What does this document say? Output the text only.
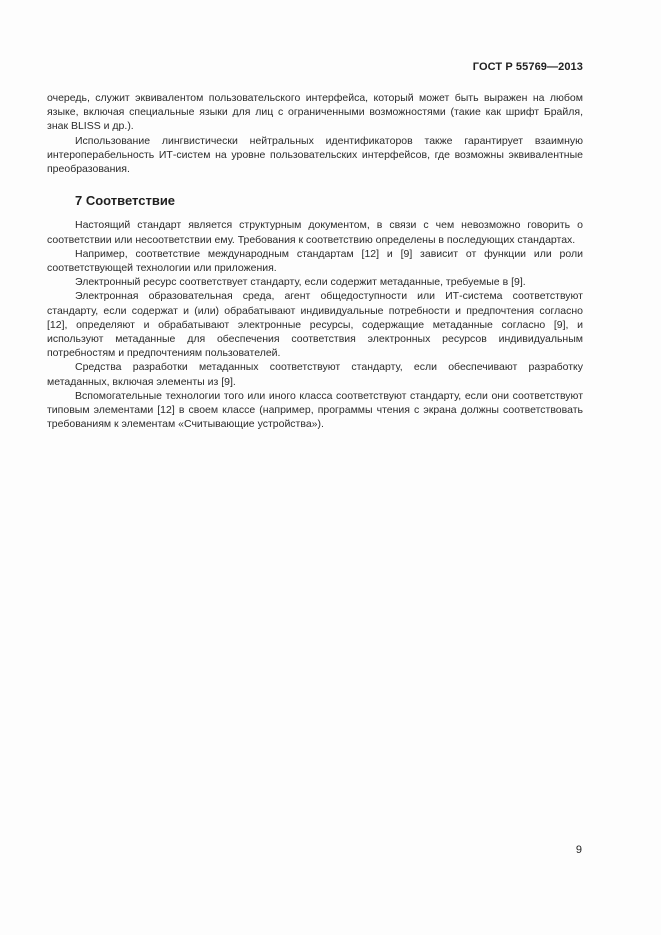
ГОСТ Р 55769—2013

очередь, служит эквивалентом пользовательского интерфейса, который может быть выражен на любом языке, включая специальные языки для лиц с ограниченными возможностями (такие как шрифт Брайля, знак BLISS и др.).

Использование лингвистически нейтральных идентификаторов также гарантирует взаимную интероперабельность ИТ-систем на уровне пользовательских интерфейсов, где возможны эквивалентные преобразования.

7 Соответствие

Настоящий стандарт является структурным документом, в связи с чем невозможно говорить о соответствии или несоответствии ему. Требования к соответствию определены в последующих стандартах.

Например, соответствие международным стандартам [12] и [9] зависит от функции или роли соответствующей технологии или приложения.

Электронный ресурс соответствует стандарту, если содержит метаданные, требуемые в [9].

Электронная образовательная среда, агент общедоступности или ИТ-система соответствуют стандарту, если содержат и (или) обрабатывают индивидуальные потребности и предпочтения согласно [12], определяют и обрабатывают электронные ресурсы, содержащие метаданные согласно [9], и используют метаданные для обеспечения соответствия электронных ресурсов индивидуальным потребностям и предпочтениям пользователей.

Средства разработки метаданных соответствуют стандарту, если обеспечивают разработку метаданных, включая элементы из [9].

Вспомогательные технологии того или иного класса соответствуют стандарту, если они соответствуют типовым элементами [12] в своем классе (например, программы чтения с экрана должны соответствовать требованиям к элементам «Считывающие устройства»).

9
